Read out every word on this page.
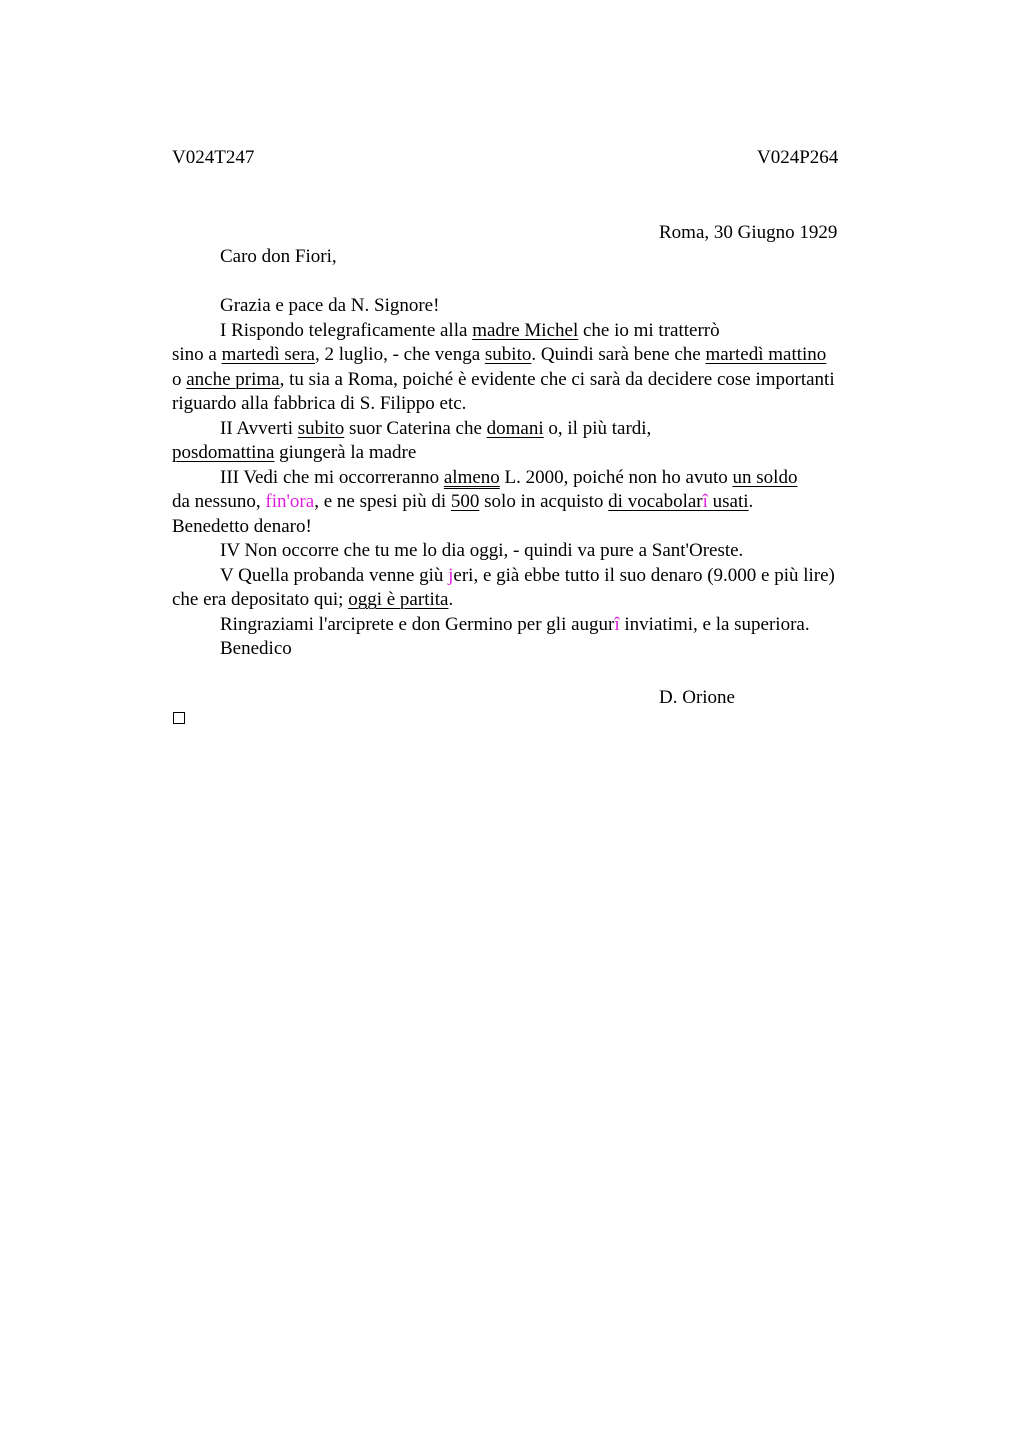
V024T247	V024P264
Roma, 30 Giugno 1929
Caro don Fiori,
Grazia e pace da N. Signore!
I Rispondo telegraficamente alla madre Michel che io mi tratterrò
sino a martedì sera, 2 luglio, - che venga subito. Quindi sarà bene che martedì mattino
o anche prima, tu sia a Roma, poiché è evidente che ci sarà da decidere cose importanti
riguardo alla fabbrica di S. Filippo etc.
II Avverti subito suor Caterina che domani o, il più tardi,
posdomattina giungerà la madre
III Vedi che mi occorreranno almeno L. 2000, poiché non ho avuto un soldo
da nessuno, fin'ora, e ne spesi più di 500 solo in acquisto di vocabolarî usati.
Benedetto denaro!
IV Non occorre che tu me lo dia oggi, - quindi va pure a Sant'Oreste.
V Quella probanda venne giù jeri, e già ebbe tutto il suo denaro (9.000 e più lire)
che era depositato qui; oggi è partita.
Ringraziami l'arciprete e don Germino per gli augurî inviatimi, e la superiora.
Benedico
D. Orione
